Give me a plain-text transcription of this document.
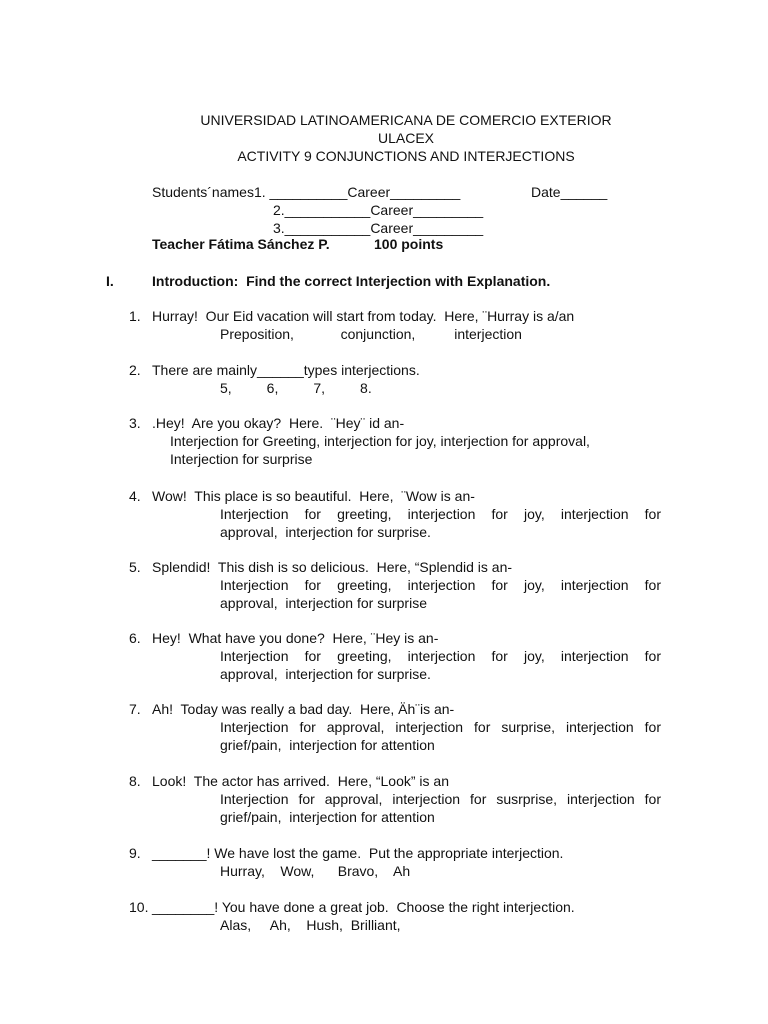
UNIVERSIDAD LATINOAMERICANA DE COMERCIO EXTERIOR
ULACEX
ACTIVITY 9 CONJUNCTIONS AND INTERJECTIONS
Students´names1. __________Career_________	Date______
2.___________Career_________
3.___________Career_________
Teacher Fátima Sánchez P.	100 points
I.	Introduction:  Find the correct Interjection with Explanation.
1. Hurray!  Our Eid vacation will start from today.  Here, ¨Hurray is a/an
Preposition,            conjunction,          interjection
2. There are mainly______types interjections.
5,         6,         7,         8.
3. .Hey!  Are you okay?  Here.  ¨Hey¨ id an-
Interjection for Greeting, interjection for joy, interjection for approval,
Interjection for surprise
4. Wow!  This place is so beautiful.  Here,  ¨Wow is an-
Interjection for greeting, interjection for joy, interjection for
approval,  interjection for surprise.
5. Splendid!  This dish is so delicious.  Here, “Splendid is an-
Interjection for greeting, interjection for joy, interjection for
approval,  interjection for surprise
6. Hey!  What have you done?  Here, ¨Hey is an-
Interjection for greeting, interjection for joy, interjection for
approval,  interjection for surprise.
7. Ah!  Today was really a bad day.  Here, Äh¨is an-
Interjection for approval, interjection for surprise, interjection for
grief/pain,  interjection for attention
8. Look!  The actor has arrived.  Here, “Look” is an
Interjection for approval, interjection for susrprise, interjection for
grief/pain,  interjection for attention
9. _______! We have lost the game.  Put the appropriate interjection.
Hurray,    Wow,      Bravo,    Ah
10. ________! You have done a great job.  Choose the right interjection.
Alas,     Ah,    Hush,  Brilliant,
